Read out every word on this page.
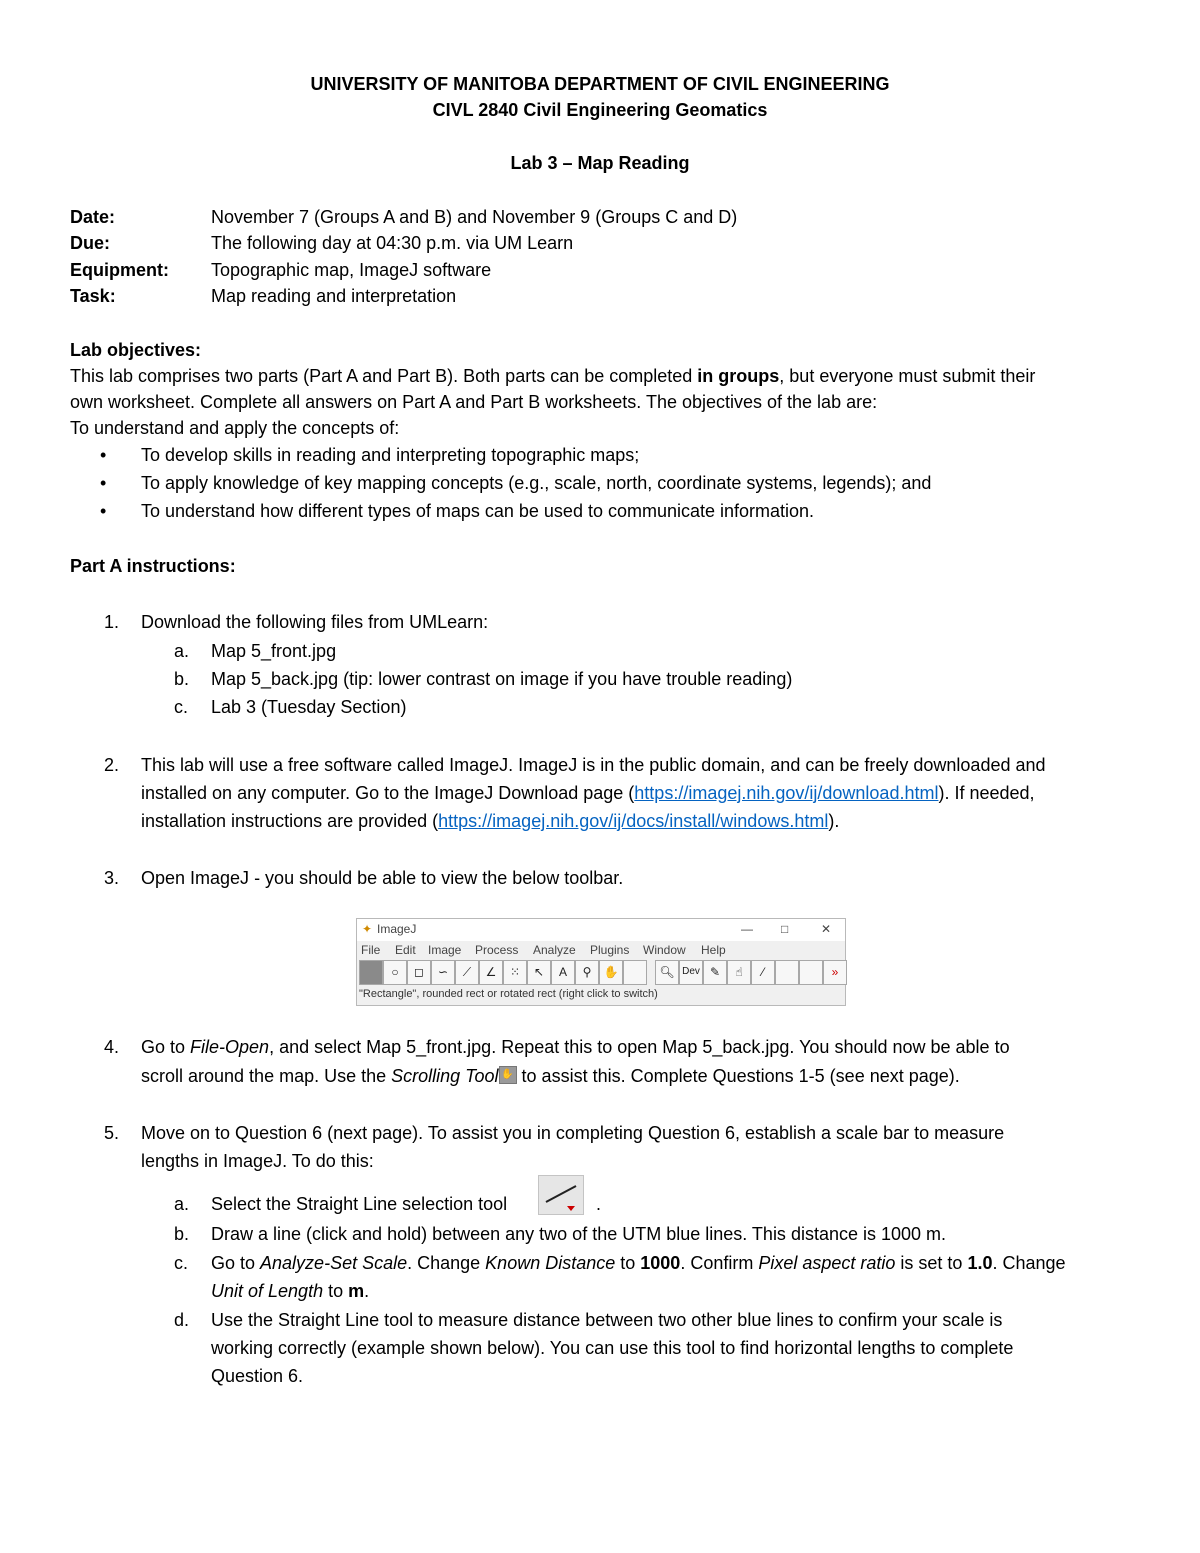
UNIVERSITY OF MANITOBA DEPARTMENT OF CIVIL ENGINEERING
CIVL 2840 Civil Engineering Geomatics
Lab 3 – Map Reading
Date:	November 7 (Groups A and B) and November 9 (Groups C and D)
Due:	The following day at 04:30 p.m. via UM Learn
Equipment: Topographic map, ImageJ software
Task:	Map reading and interpretation
Lab objectives:
This lab comprises two parts (Part A and Part B). Both parts can be completed in groups, but everyone must submit their
own worksheet. Complete all answers on Part A and Part B worksheets. The objectives of the lab are:
To understand and apply the concepts of:
• To develop skills in reading and interpreting topographic maps;
• To apply knowledge of key mapping concepts (e.g., scale, north, coordinate systems, legends); and
• To understand how different types of maps can be used to communicate information.
Part A instructions:
1. Download the following files from UMLearn:
a. Map 5_front.jpg
b. Map 5_back.jpg (tip: lower contrast on image if you have trouble reading)
c. Lab 3 (Tuesday Section)
2. This lab will use a free software called ImageJ. ImageJ is in the public domain, and can be freely downloaded and
installed on any computer. Go to the ImageJ Download page (https://imagej.nih.gov/ij/download.html). If needed,
installation instructions are provided (https://imagej.nih.gov/ij/docs/install/windows.html).
3. Open ImageJ - you should be able to view the below toolbar.
✦ ImageJ	— □	✕
File Edit Image Process Analyze Plugins Window Help
○	◻	∽	⟋	∠	⁙	↖	A	⚲	✋	🔍︎ Dev ✎	☝	⁄	»
"Rectangle", rounded rect or rotated rect (right click to switch)
4. Go to File-Open, and select Map 5_front.jpg. Repeat this to open Map 5_back.jpg. You should now be able to
scroll around the map. Use the Scrolling Tool ✋ to assist this. Complete Questions 1-5 (see next page).
5. Move on to Question 6 (next page). To assist you in completing Question 6, establish a scale bar to measure
lengths in ImageJ. To do this:
a. Select the Straight Line selection tool	.
b. Draw a line (click and hold) between any two of the UTM blue lines. This distance is 1000 m.
c. Go to Analyze-Set Scale. Change Known Distance to 1000. Confirm Pixel aspect ratio is set to 1.0. Change
Unit of Length to m.
d. Use the Straight Line tool to measure distance between two other blue lines to confirm your scale is
working correctly (example shown below). You can use this tool to find horizontal lengths to complete
Question 6.
